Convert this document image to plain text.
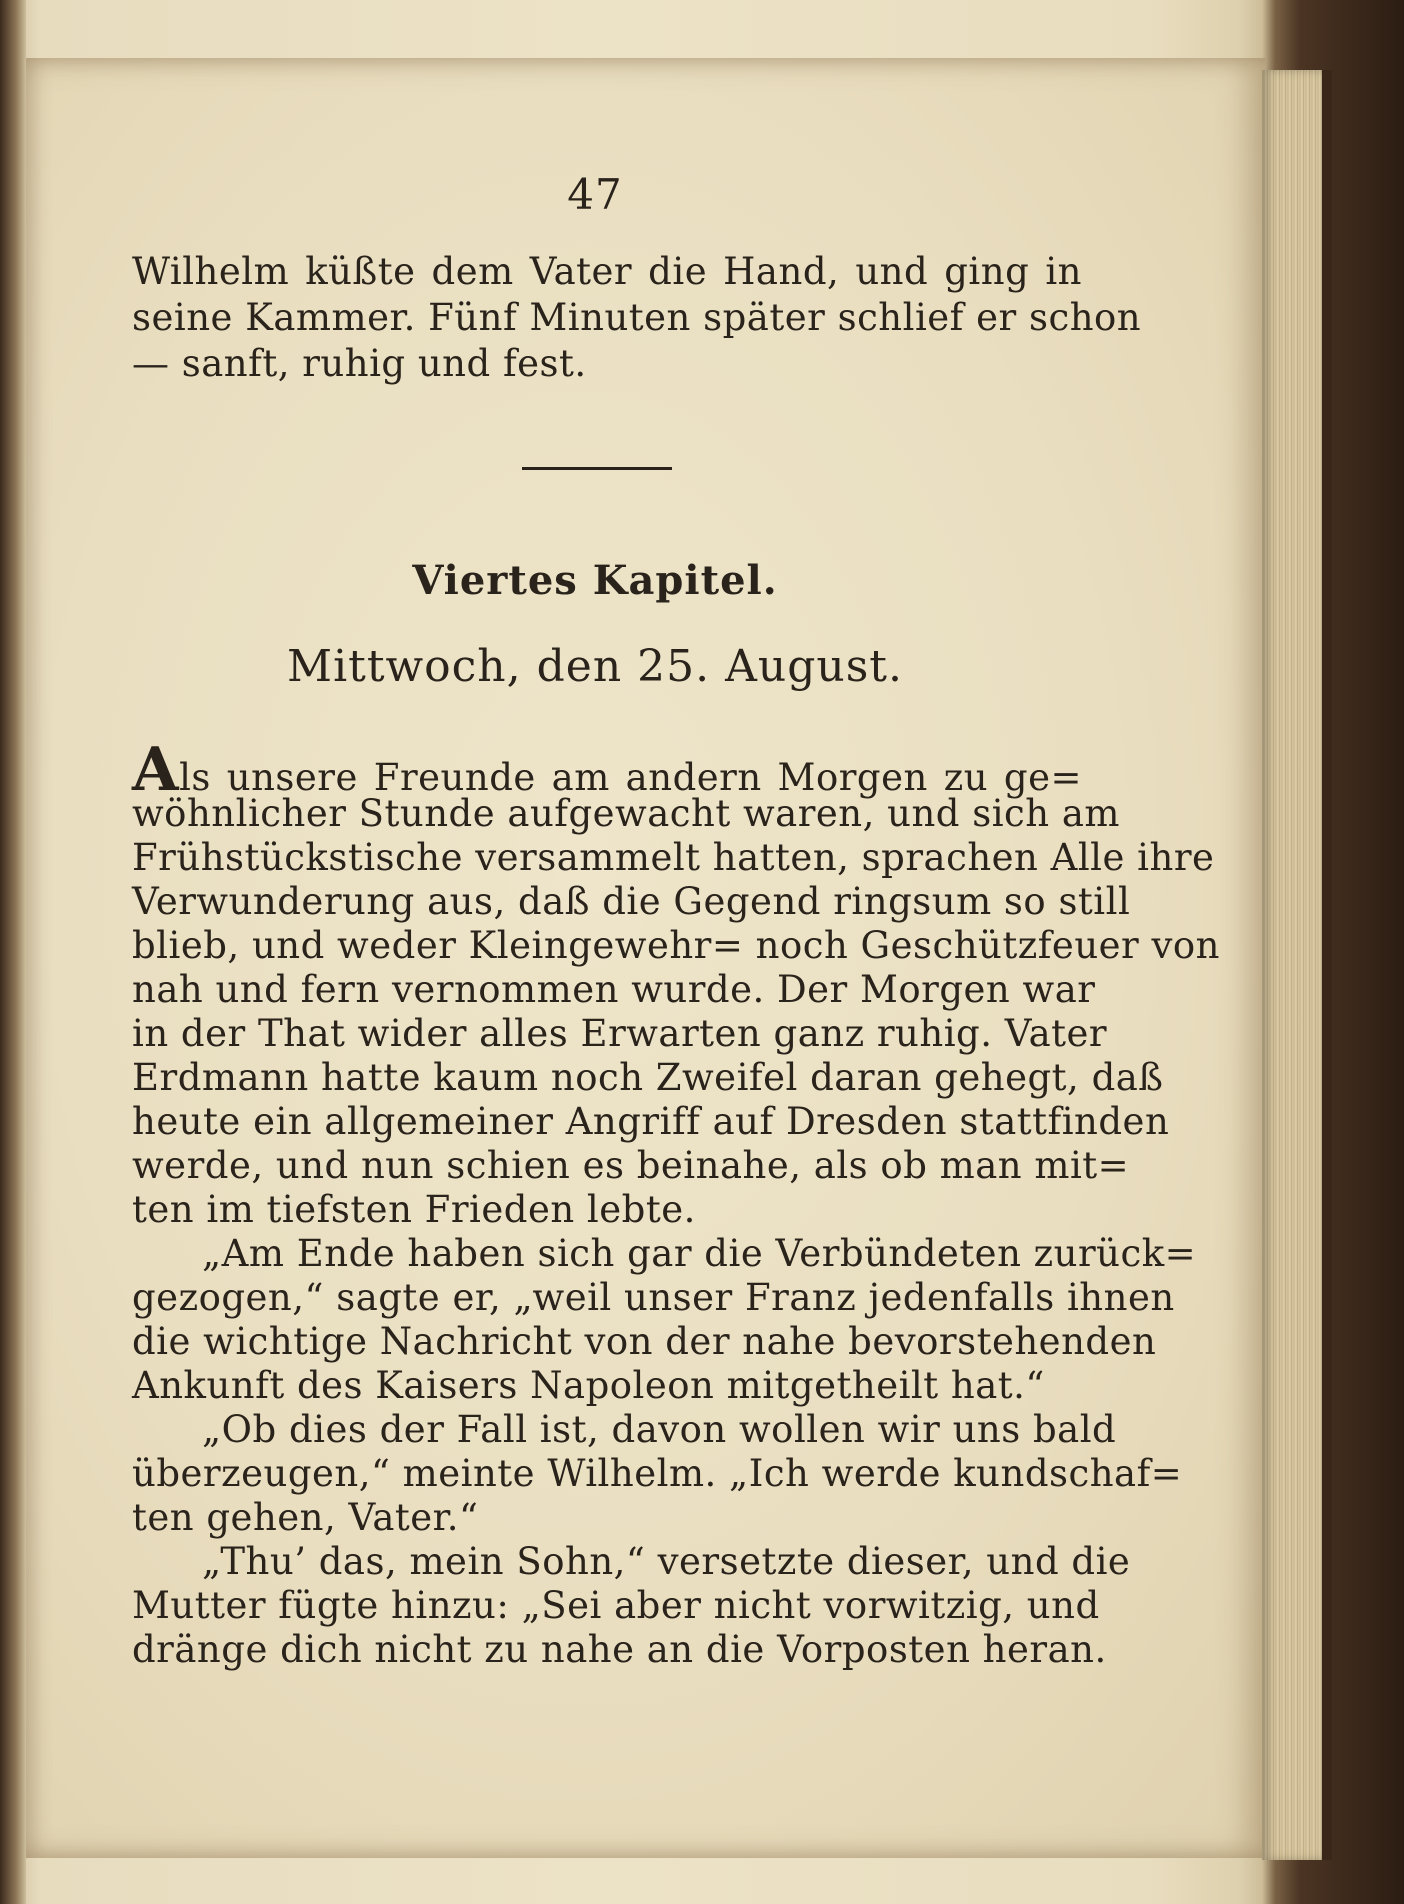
47
Wilhelm küßte dem Vater die Hand, und ging in
seine Kammer. Fünf Minuten später schlief er schon
— sanft, ruhig und fest.
Viertes Kapitel.
Mittwoch, den 25. August.
Als unsere Freunde am andern Morgen zu ge=
wöhnlicher Stunde aufgewacht waren, und sich am
Frühstückstische versammelt hatten, sprachen Alle ihre
Verwunderung aus, daß die Gegend ringsum so still
blieb, und weder Kleingewehr= noch Geschützfeuer von
nah und fern vernommen wurde. Der Morgen war
in der That wider alles Erwarten ganz ruhig. Vater
Erdmann hatte kaum noch Zweifel daran gehegt, daß
heute ein allgemeiner Angriff auf Dresden stattfinden
werde, und nun schien es beinahe, als ob man mit=
ten im tiefsten Frieden lebte.
„Am Ende haben sich gar die Verbündeten zurück=
gezogen,“ sagte er, „weil unser Franz jedenfalls ihnen
die wichtige Nachricht von der nahe bevorstehenden
Ankunft des Kaisers Napoleon mitgetheilt hat.“
„Ob dies der Fall ist, davon wollen wir uns bald
überzeugen,“ meinte Wilhelm. „Ich werde kundschaf=
ten gehen, Vater.“
„Thu’ das, mein Sohn,“ versetzte dieser, und die
Mutter fügte hinzu: „Sei aber nicht vorwitzig, und
dränge dich nicht zu nahe an die Vorposten heran.
